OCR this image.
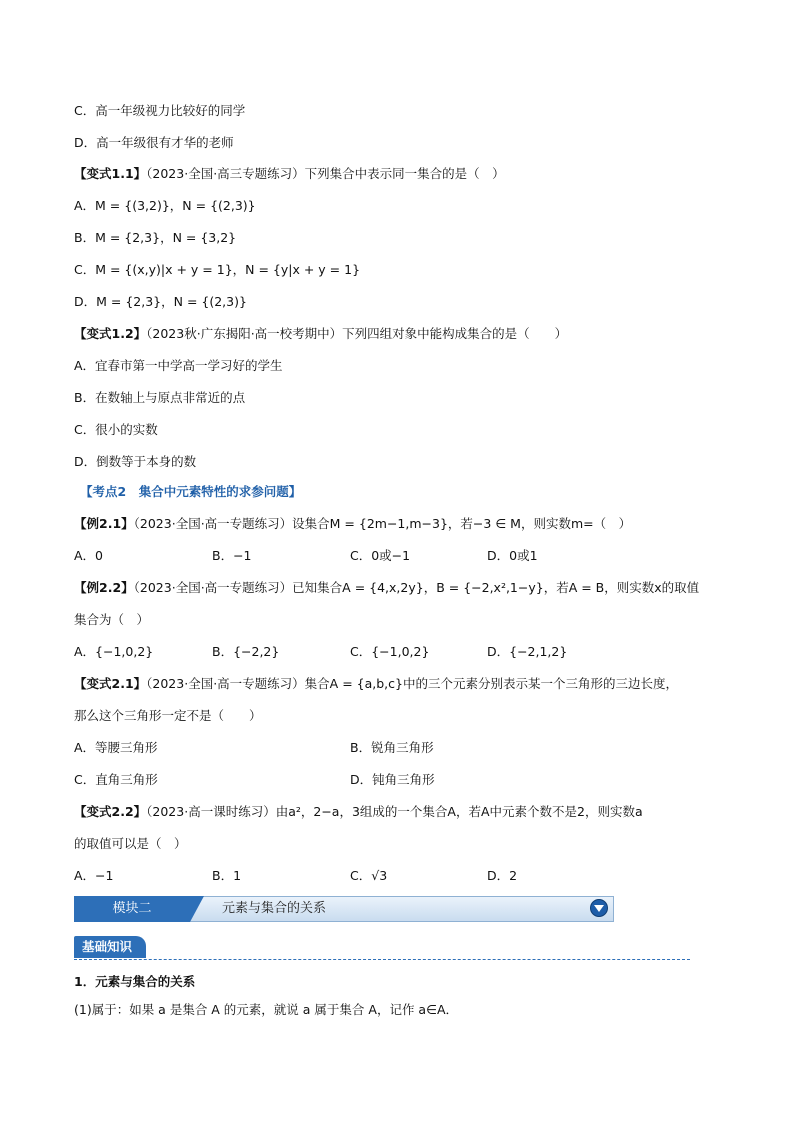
C．高一年级视力比较好的同学
D．高一年级很有才华的老师
【变式1.1】（2023·全国·高三专题练习）下列集合中表示同一集合的是（　）
A．M = {(3,2)}，N = {(2,3)}
B．M = {2,3}，N = {3,2}
C．M = {(x,y)|x + y = 1}，N = {y|x + y = 1}
D．M = {2,3}，N = {(2,3)}
【变式1.2】（2023秋·广东揭阳·高一校考期中）下列四组对象中能构成集合的是（　　）
A．宜春市第一中学高一学习好的学生
B．在数轴上与原点非常近的点
C．很小的实数
D．倒数等于本身的数
【考点2　集合中元素特性的求参问题】
【例2.1】（2023·全国·高一专题练习）设集合M = {2m−1,m−3}，若−3 ∈ M，则实数m=（　）
A．0	B．−1	C．0或−1	D．0或1
【例2.2】（2023·全国·高一专题练习）已知集合A = {4,x,2y}，B = {−2,x²,1−y}，若A = B，则实数x的取值
集合为（　）
A．{−1,0,2}	B．{−2,2}	C．{−1,0,2}	D．{−2,1,2}
【变式2.1】（2023·全国·高一专题练习）集合A = {a,b,c}中的三个元素分别表示某一个三角形的三边长度，
那么这个三角形一定不是（　　）
A．等腰三角形	B．锐角三角形
C．直角三角形	D．钝角三角形
【变式2.2】（2023·高一课时练习）由a²，2−a，3组成的一个集合A，若A中元素个数不是2，则实数a
的取值可以是（　）
A．−1	B．1	C．√3	D．2
模块二	元素与集合的关系
基础知识
1．元素与集合的关系
(1)属于：如果 a 是集合 A 的元素，就说 a 属于集合 A，记作 a∈A．
